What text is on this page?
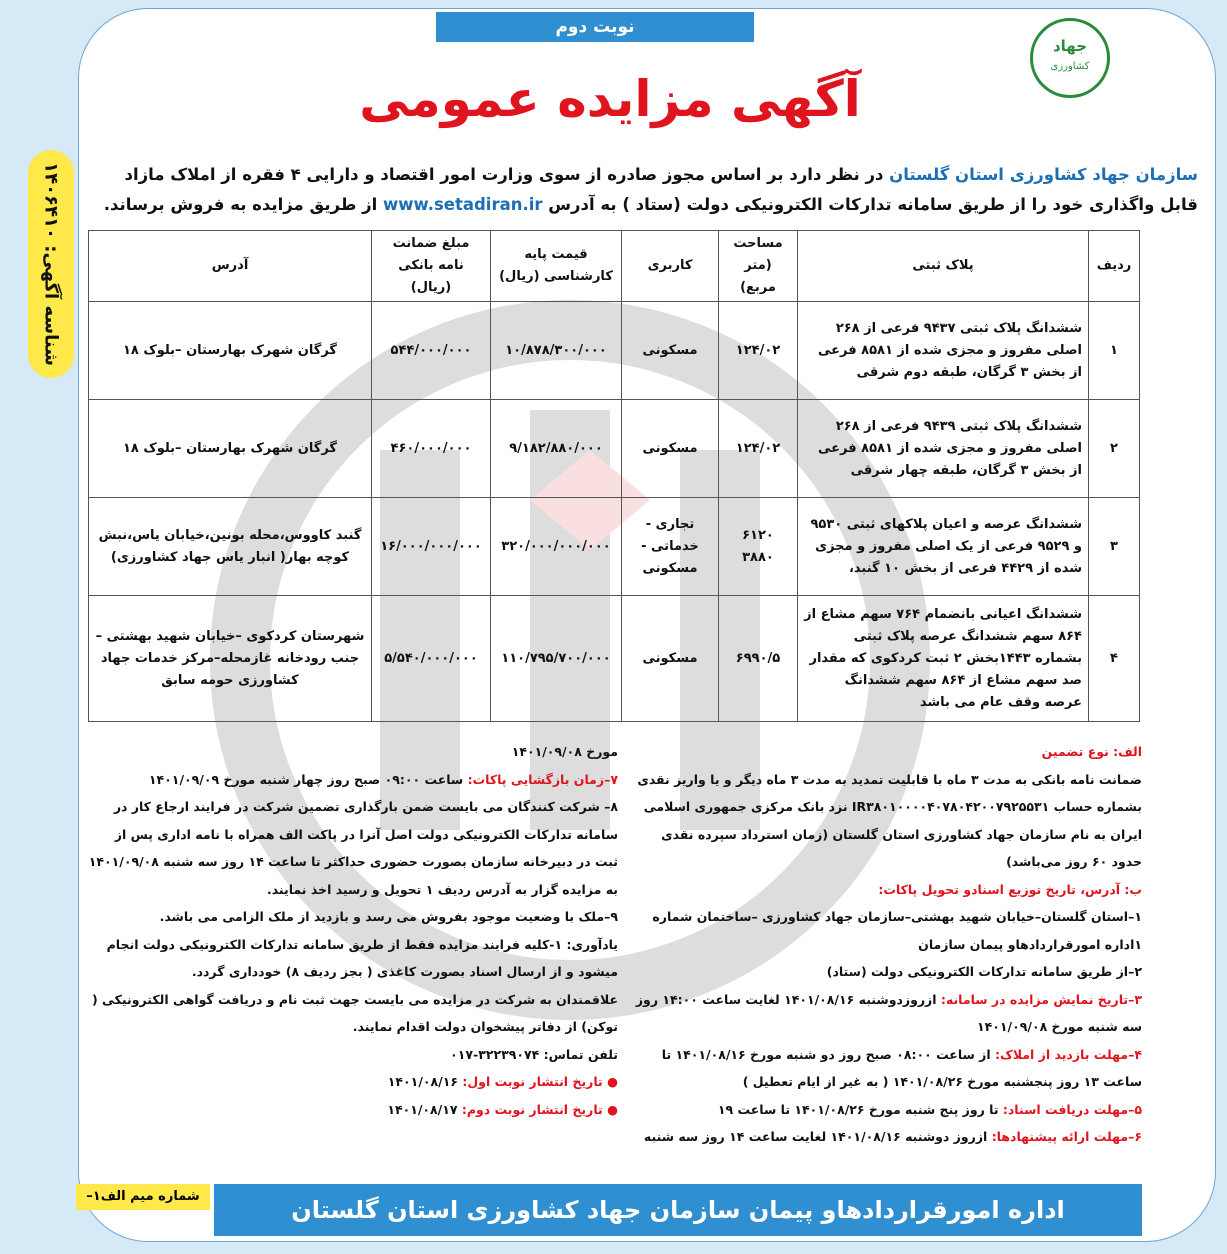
نوبت دوم
جهاد
کشاورزی
آگهی مزایده عمومی
شناسه آگهی: ۱۴۰۶۴۱۰
سازمان جهاد کشاورزی استان گلستان در نظر دارد بر اساس مجوز صادره از سوی وزارت امور اقتصاد و دارایی ۴ فقره از املاک مازاد قابل واگذاری خود را از طریق سامانه تدارکات الکترونیکی دولت (ستاد ) به آدرس www.setadiran.ir از طریق مزایده به فروش برساند.
ردیف	پلاک ثبتی	مساحت (متر مربع)	کاربری	قیمت پایه کارشناسی (ریال)	مبلغ ضمانت نامه بانکی (ریال)	آدرس
۱	ششدانگ پلاک ثبتی ۹۴۳۷ فرعی از ۲۶۸ اصلی مفروز و مجزی شده از ۸۵۸۱ فرعی از بخش ۳ گرگان، طبقه دوم شرقی	۱۲۴/۰۲	مسکونی	۱۰/۸۷۸/۳۰۰/۰۰۰	۵۴۴/۰۰۰/۰۰۰	گرگان شهرک بهارستان –بلوک ۱۸
۲	ششدانگ پلاک ثبتی ۹۴۳۹ فرعی از ۲۶۸ اصلی مفروز و مجزی شده از ۸۵۸۱ فرعی از بخش ۳ گرگان، طبقه چهار شرقی	۱۲۴/۰۲	مسکونی	۹/۱۸۲/۸۸۰/۰۰۰	۴۶۰/۰۰۰/۰۰۰	گرگان شهرک بهارستان –بلوک ۱۸
۳	ششدانگ عرصه و اعیان پلاکهای ثبتی ۹۵۳۰ و ۹۵۲۹ فرعی از یک اصلی مفروز و مجزی شده از ۴۴۲۹ فرعی از بخش ۱۰ گنبد،	۶۱۲۰ ۳۸۸۰	تجاری - خدماتی - مسکونی	۳۲۰/۰۰۰/۰۰۰/۰۰۰	۱۶/۰۰۰/۰۰۰/۰۰۰	گنبد کاووس،محله بونین،خیابان یاس،نبش کوچه بهار( انبار یاس جهاد کشاورزی)
۴	ششدانگ اعیانی بانضمام ۷۶۴ سهم مشاع از ۸۶۴ سهم ششدانگ عرصه پلاک ثبتی بشماره ۱۴۴۳بخش ۲ ثبت کردکوی که مقدار صد سهم مشاع از ۸۶۴ سهم ششدانگ عرصه وقف عام می باشد	۶۹۹۰/۵	مسکونی	۱۱۰/۷۹۵/۷۰۰/۰۰۰	۵/۵۴۰/۰۰۰/۰۰۰	شهرستان کردکوی –خیابان شهید بهشتی – جنب رودخانه غازمحله–مرکز خدمات جهاد کشاورزی حومه سابق
الف: نوع تضمین
ضمانت نامه بانکی به مدت ۳ ماه با قابلیت تمدید به مدت ۳ ماه دیگر و یا واریز نقدی بشماره حساب IR۳۸۰۱۰۰۰۰۴۰۷۸۰۴۲۰۰۷۹۲۵۵۳۱ نزد بانک مرکزی جمهوری اسلامی ایران به نام سازمان جهاد کشاورزی استان گلستان (زمان استرداد سپرده نقدی حدود ۶۰ روز می‌باشد)
ب: آدرس، تاریخ توزیع اسنادو تحویل پاکات:
۱–استان گلستان–خیابان شهید بهشتی–سازمان جهاد کشاورزی –ساختمان شماره ۱اداره امورقراردادهاو پیمان سازمان
۲–از طریق سامانه تدارکات الکترونیکی دولت (ستاد)
۳–تاریخ نمایش مزایده در سامانه: ازروزدوشنبه ۱۴۰۱/۰۸/۱۶ لغایت ساعت ۱۴:۰۰ روز سه شنبه مورخ ۱۴۰۱/۰۹/۰۸
۴–مهلت بازدید از املاک: از ساعت ۰۸:۰۰ صبح روز دو شنبه مورخ ۱۴۰۱/۰۸/۱۶ تا ساعت ۱۳ روز پنجشنبه مورخ ۱۴۰۱/۰۸/۲۶ ( به غیر از ایام تعطیل )
۵–مهلت دریافت اسناد: تا روز پنج شنبه مورخ ۱۴۰۱/۰۸/۲۶ تا ساعت ۱۹
۶–مهلت ارائه پیشنهادها: ازروز دوشنبه ۱۴۰۱/۰۸/۱۶ لغایت ساعت ۱۴ روز سه شنبه
مورخ ۱۴۰۱/۰۹/۰۸
۷–زمان بازگشایی پاکات: ساعت ۰۹:۰۰ صبح روز چهار شنبه مورخ ۱۴۰۱/۰۹/۰۹
۸– شرکت کنندگان می بایست ضمن بارگذاری تضمین شرکت در فرایند ارجاع کار در سامانه تدارکات الکترونیکی دولت اصل آنرا در پاکت الف همراه با نامه اداری پس از ثبت در دبیرخانه سازمان بصورت حضوری حداکثر تا ساعت ۱۴ روز سه شنبه ۱۴۰۱/۰۹/۰۸ به مزایده گزار به آدرس ردیف ۱ تحویل و رسید اخذ نمایند.
۹–ملک با وضعیت موجود بفروش می رسد و بازدید از ملک الزامی می باشد.
یادآوری: ۱-کلیه فرایند مزایده فقط از طریق سامانه تدارکات الکترونیکی دولت انجام میشود و از ارسال اسناد بصورت کاغذی ( بجز ردیف ۸) خودداری گردد.
علاقمندان به شرکت در مزایده می بایست جهت ثبت نام و دریافت گواهی الکترونیکی ( توکن) از دفاتر پیشخوان دولت اقدام نمایند.
تلفن تماس: ۳۲۲۳۹۰۷۴-۰۱۷
● تاریخ انتشار نوبت اول: ۱۴۰۱/۰۸/۱۶
● تاریخ انتشار نوبت دوم: ۱۴۰۱/۰۸/۱۷
شماره میم الف۱–	اداره امورقراردادهاو پیمان سازمان جهاد کشاورزی استان گلستان
